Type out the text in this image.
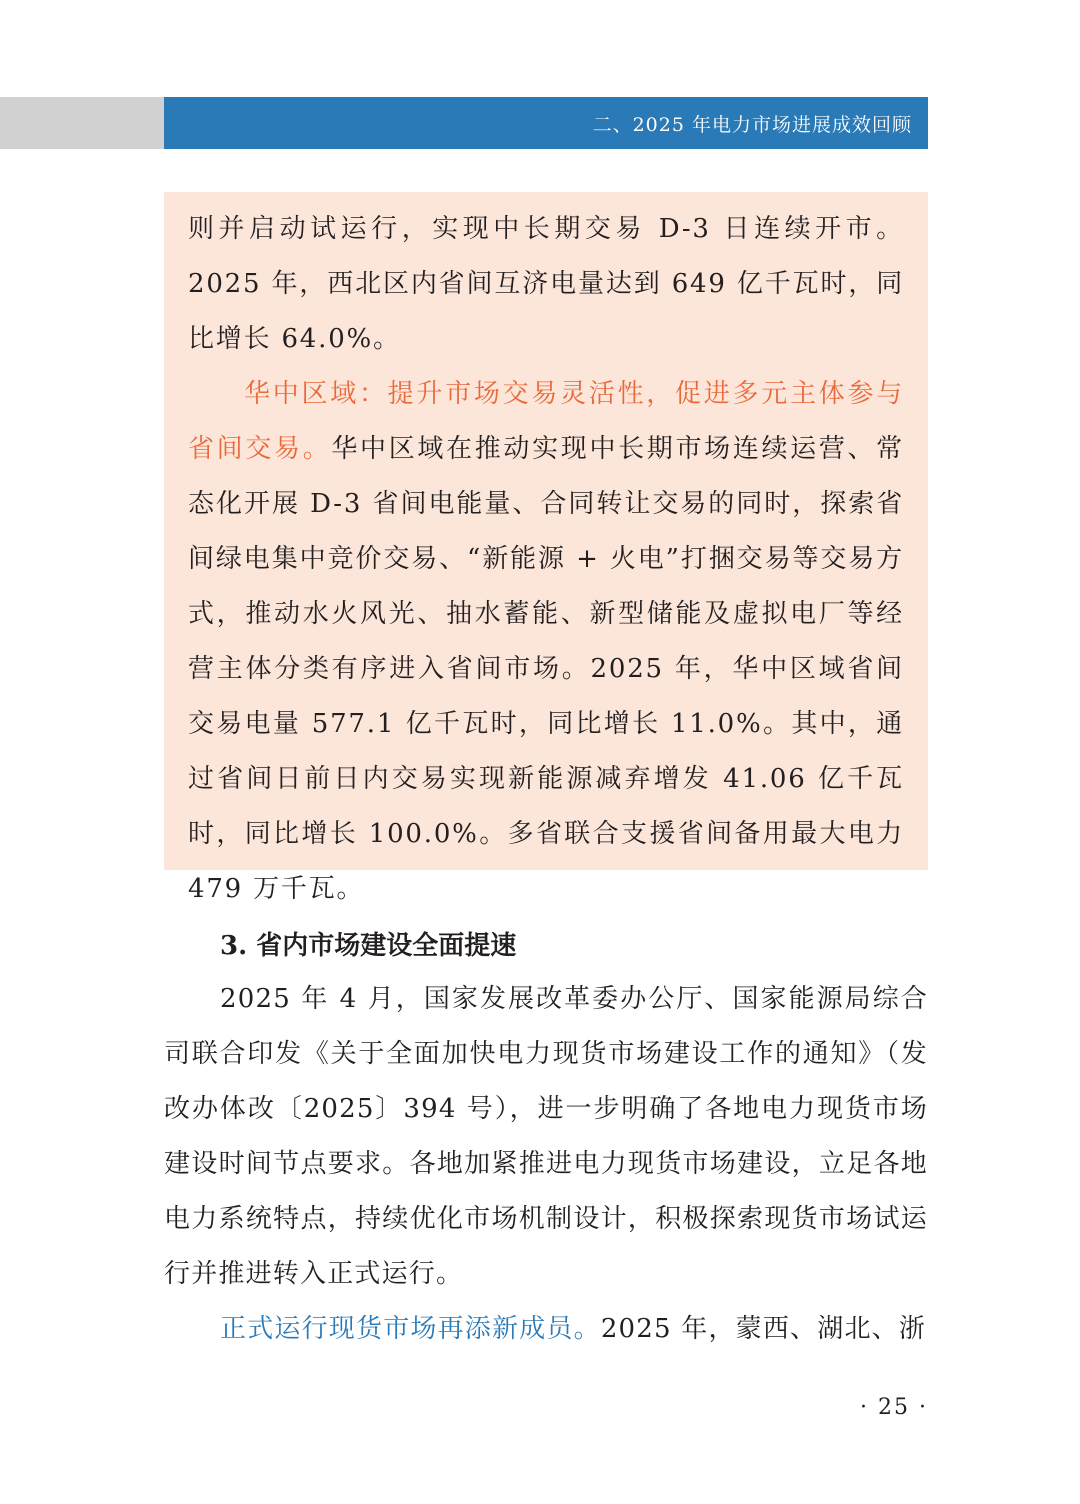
二、2025 年电力市场进展成效回顾

则并启动试运行，实现中长期交易 D-3 日连续开市。2025 年，西北区内省间互济电量达到 649 亿千瓦时，同比增长 64.0%。

华中区域：提升市场交易灵活性，促进多元主体参与省间交易。华中区域在推动实现中长期市场连续运营、常态化开展 D-3 省间电能量、合同转让交易的同时，探索省间绿电集中竞价交易、“新能源 + 火电”打捆交易等交易方式，推动水火风光、抽水蓄能、新型储能及虚拟电厂等经营主体分类有序进入省间市场。2025 年，华中区域省间交易电量 577.1 亿千瓦时，同比增长 11.0%。其中，通过省间日前日内交易实现新能源减弃增发 41.06 亿千瓦时，同比增长 100.0%。多省联合支援省间备用最大电力 479 万千瓦。

3. 省内市场建设全面提速

2025 年 4 月，国家发展改革委办公厅、国家能源局综合司联合印发《关于全面加快电力现货市场建设工作的通知》（发改办体改〔2025〕394 号），进一步明确了各地电力现货市场建设时间节点要求。各地加紧推进电力现货市场建设，立足各地电力系统特点，持续优化市场机制设计，积极探索现货市场试运行并推进转入正式运行。

正式运行现货市场再添新成员。2025 年，蒙西、湖北、浙

· 25 ·
